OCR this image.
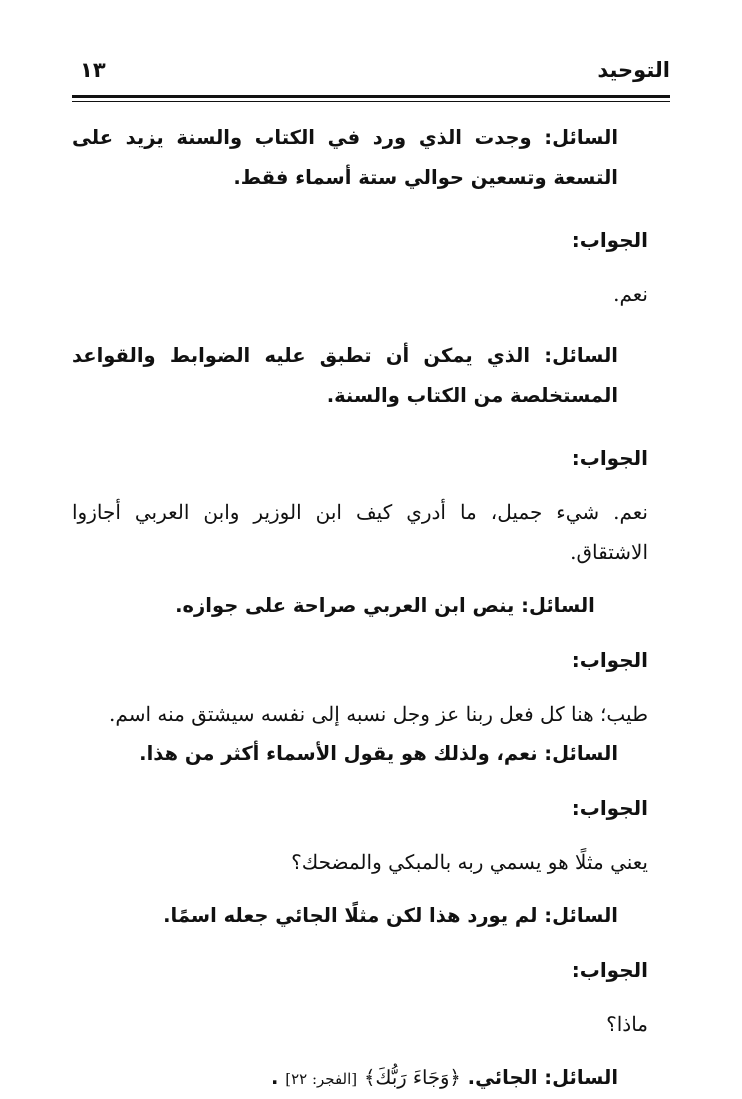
التوحيد
١٣

السائل: وجدت الذي ورد في الكتاب والسنة يزيد على التسعة وتسعين حوالي ستة أسماء فقط.

الجواب:

نعم.

السائل: الذي يمكن أن تطبق عليه الضوابط والقواعد المستخلصة من الكتاب والسنة.

الجواب:

نعم. شيء جميل، ما أدري كيف ابن الوزير وابن العربي أجازوا الاشتقاق.

السائل: ينص ابن العربي صراحة على جوازه.

الجواب:

طيب؛ هنا كل فعل ربنا عز وجل نسبه إلى نفسه سيشتق منه اسم.

السائل: نعم، ولذلك هو يقول الأسماء أكثر من هذا.

الجواب:

يعني مثلًا هو يسمي ربه بالمبكي والمضحك؟

السائل: لم يورد هذا لكن مثلًا الجائي جعله اسمًا.

الجواب:

ماذا؟

السائل: الجائي. ﴿وَجَاءَ رَبُّكَ﴾ [الفجر: ٢٢] .
